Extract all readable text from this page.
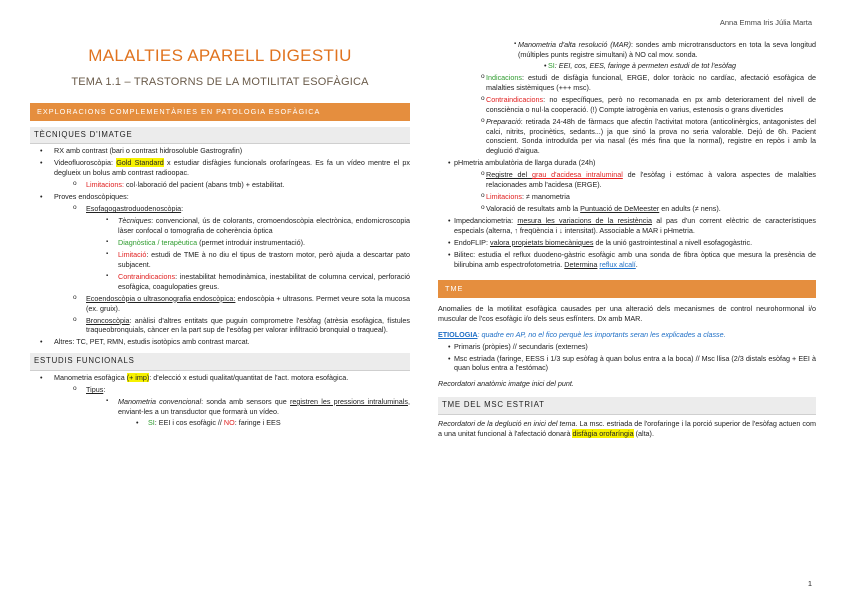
Anna Emma Iris Júlia Marta
MALALTIES APARELL DIGESTIU
TEMA 1.1 – TRASTORNS DE LA MOTILITAT ESOFÀGICA
EXPLORACIONS COMPLEMENTÀRIES EN PATOLOGIA ESOFÀGICA
TÈCNIQUES D'IMATGE
• RX amb contrast (bari o contrast hidrosoluble Gastrografin)
• Videofluoroscòpia: Gold Standard x estudiar disfàgies funcionals orofaríngeas. Es fa un vídeo mentre el px deglueix un bolus amb contrast radioopac.
o Limitacions: col·laboració del pacient (abans tmb) + estabilitat.
• Proves endoscòpiques:
o Esofagogastroduodenoscòpia:
▪ Tècniques: convencional, ús de colorants, cromoendoscòpia electrònica, endomicroscopia làser confocal o tomografia de coherència òptica
▪ Diagnòstica / terapèutica (permet introduir instrumentació).
▪ Limitació: estudi de TME à no diu el tipus de trastorn motor, però ajuda a descartar pato subjacent.
▪ Contraindicacions: inestabilitat hemodinàmica, inestabilitat de columna cervical, perforació esofàgica, coagulopaties greus.
o Ecoendoscòpia o ultrasonografia endoscòpica: endoscòpia + ultrasons. Permet veure sota la mucosa (ex. gruix).
o Broncoscòpia: anàlisi d'altres entitats que puguin comprometre l'esòfag (atrèsia esofàgica, fístules traqueobronquials, càncer en la part sup de l'esòfag per valorar infiltració bronquial o traqueal).
• Altres: TC, PET, RMN, estudis isotòpics amb contrast marcat.
ESTUDIS FUNCIONALS
• Manometria esofàgica (+ imp): d'elecció x estudi qualitat/quantitat de l'act. motora esofàgica.
o Tipus:
▪ Manometria convencional: sonda amb sensors que registren les pressions intraluminals, enviant-les a un transductor que formarà un vídeo.
• SI: EEI i cos esofàgic // NO: faringe i EES
▪ Manometria d'alta resolució (MAR): sondes amb microtransductors en tota la seva longitud (múltiples punts registre simultani) à NO cal mov. sonda.
• SI: EEI, cos, EES, faringe à permeten estudi de tot l'esòfag
o Indicacions: estudi de disfàgia funcional, ERGE, dolor toràcic no cardíac, afectació esofàgica de malalties sistèmiques (+++ msc).
o Contraindicacions: no específiques, però no recomanada en px amb deteriorament del nivell de consciència o nul·la cooperació. (!) Compte iatrogènia en varius, estenosis o grans diverticles
o Preparació: retirada 24-48h de fàrmacs que afectin l'activitat motora (anticolinèrgics, antagonistes del calci, nitrits, procinètics, sedants...) ja que sinó la prova no seria valorable. Dejú de 6h. Pacient conscient. Sonda introduïda per via nasal (és més fina que la normal), registre en repòs i amb la deglució d'aigua.
• pHmetria ambulatòria de llarga durada (24h)
o Registre del grau d'acidesa intraluminal de l'esòfag i estómac à valora aspectes de malalties relacionades amb l'acidesa (ERGE).
o Limitacions: ≠ manometria
o Valoració de resultats amb la Puntuació de DeMeester en adults (≠ nens).
• Impedanciometria: mesura les variacions de la resistència al pas d'un corrent elèctric de característiques especials (alterna, ↑ freqüència i ↓ intensitat). Associable a MAR i pHmetria.
• EndoFLIP: valora propietats biomecàniques de la unió gastrointestinal a nivell esofagogàstric.
• Bilitec: estudia el reflux duodeno-gàstric esofàgic amb una sonda de fibra òptica que mesura la presència de bilirubina amb espectrofotometria. Determina reflux alcalí.
TME
Anomalies de la motilitat esofàgica causades per una alteració dels mecanismes de control neurohormonal i/o muscular de l'cos esofàgic i/o dels seus esfínters. Dx amb MAR.
ETIOLOGIA: quadre en AP, no el fico perquè les importants seran les explicades a classe.
• Primaris (pròpies) // secundaris (externes)
• Msc estriada (faringe, EESS i 1/3 sup esòfag à quan bolus entra a la boca) // Msc llisa (2/3 distals esòfag + EEI à quan bolus entra a l'estómac)
Recordatori anatòmic imatge inici del punt.
TME DEL MSC ESTRIAT
Recordatori de la deglució en inici del tema. La msc. estriada de l'orofaringe i la porció superior de l'esòfag actuen com a una unitat funcional à l'afectació donarà disfàgia orofaríngia (alta).
1
